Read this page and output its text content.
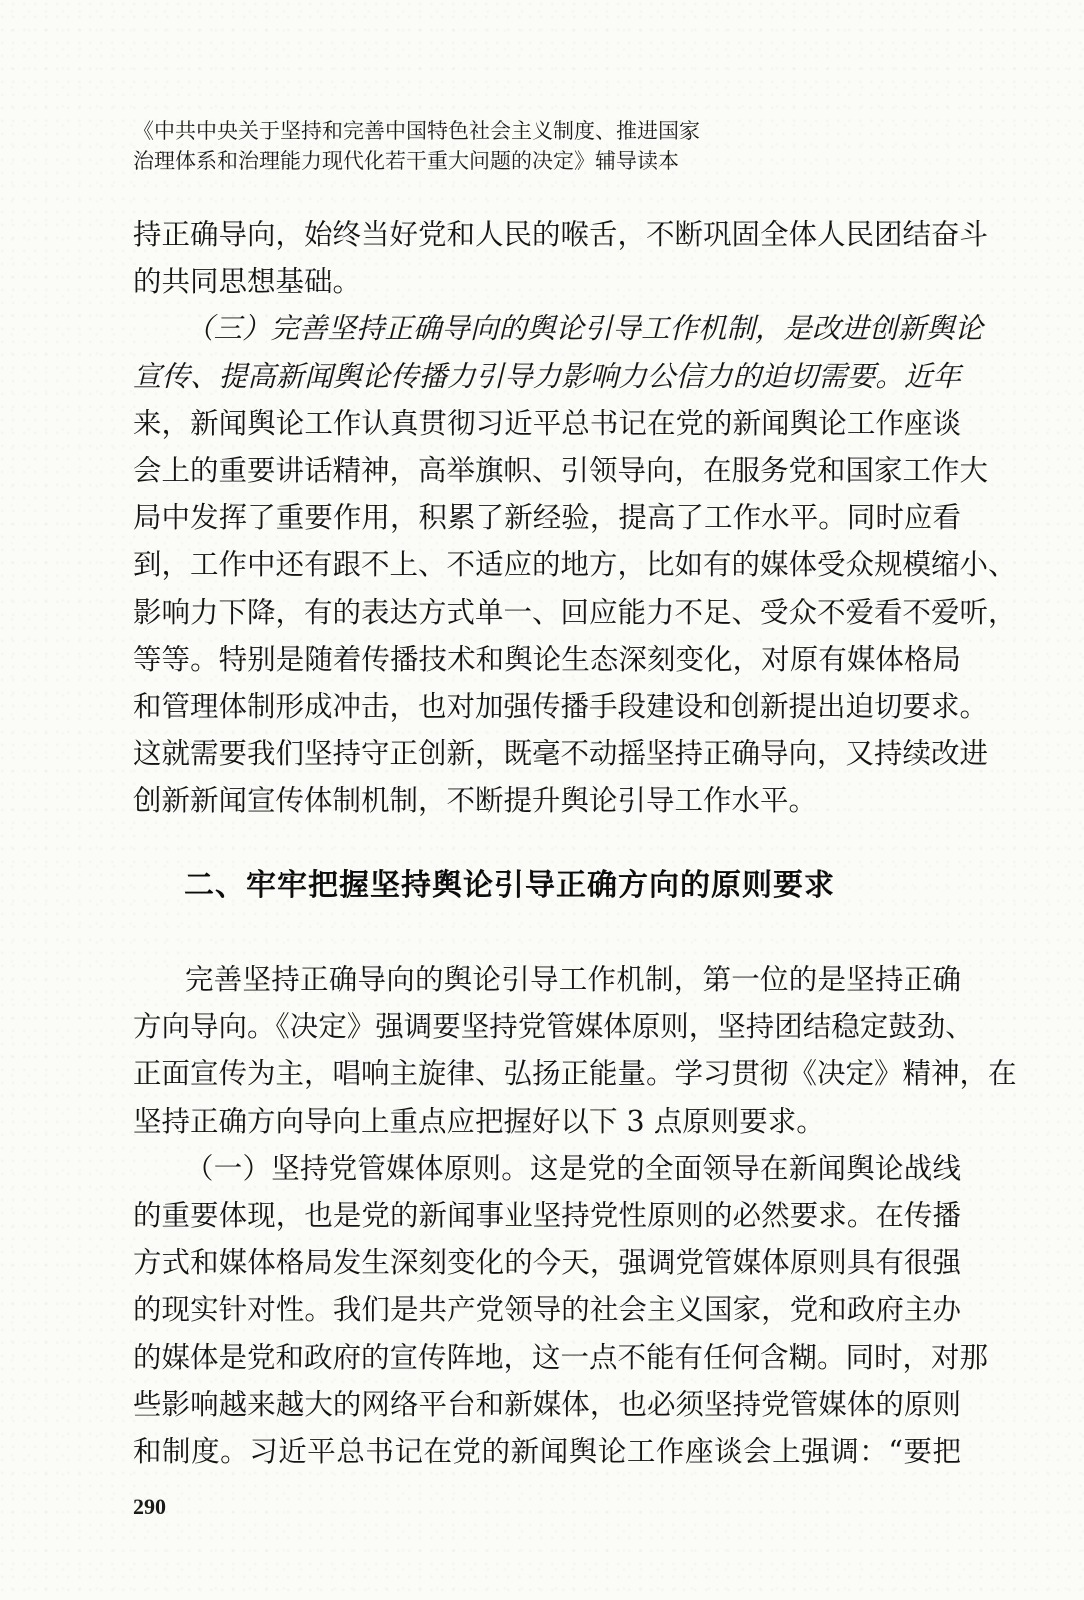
《中共中央关于坚持和完善中国特色社会主义制度、推进国家
治理体系和治理能力现代化若干重大问题的决定》辅导读本
持正确导向，始终当好党和人民的喉舌，不断巩固全体人民团结奋斗
的共同思想基础。
（三）完善坚持正确导向的舆论引导工作机制，是改进创新舆论
宣传、提高新闻舆论传播力引导力影响力公信力的迫切需要。近年
来，新闻舆论工作认真贯彻习近平总书记在党的新闻舆论工作座谈
会上的重要讲话精神，高举旗帜、引领导向，在服务党和国家工作大
局中发挥了重要作用，积累了新经验，提高了工作水平。同时应看
到，工作中还有跟不上、不适应的地方，比如有的媒体受众规模缩小、
影响力下降，有的表达方式单一、回应能力不足、受众不爱看不爱听，
等等。特别是随着传播技术和舆论生态深刻变化，对原有媒体格局
和管理体制形成冲击，也对加强传播手段建设和创新提出迫切要求。
这就需要我们坚持守正创新，既毫不动摇坚持正确导向，又持续改进
创新新闻宣传体制机制，不断提升舆论引导工作水平。
二、牢牢把握坚持舆论引导正确方向的原则要求
完善坚持正确导向的舆论引导工作机制，第一位的是坚持正确
方向导向。《决定》强调要坚持党管媒体原则，坚持团结稳定鼓劲、
正面宣传为主，唱响主旋律、弘扬正能量。学习贯彻《决定》精神，在
坚持正确方向导向上重点应把握好以下 3 点原则要求。
（一）坚持党管媒体原则。这是党的全面领导在新闻舆论战线
的重要体现，也是党的新闻事业坚持党性原则的必然要求。在传播
方式和媒体格局发生深刻变化的今天，强调党管媒体原则具有很强
的现实针对性。我们是共产党领导的社会主义国家，党和政府主办
的媒体是党和政府的宣传阵地，这一点不能有任何含糊。同时，对那
些影响越来越大的网络平台和新媒体，也必须坚持党管媒体的原则
和制度。习近平总书记在党的新闻舆论工作座谈会上强调：“要把
290
